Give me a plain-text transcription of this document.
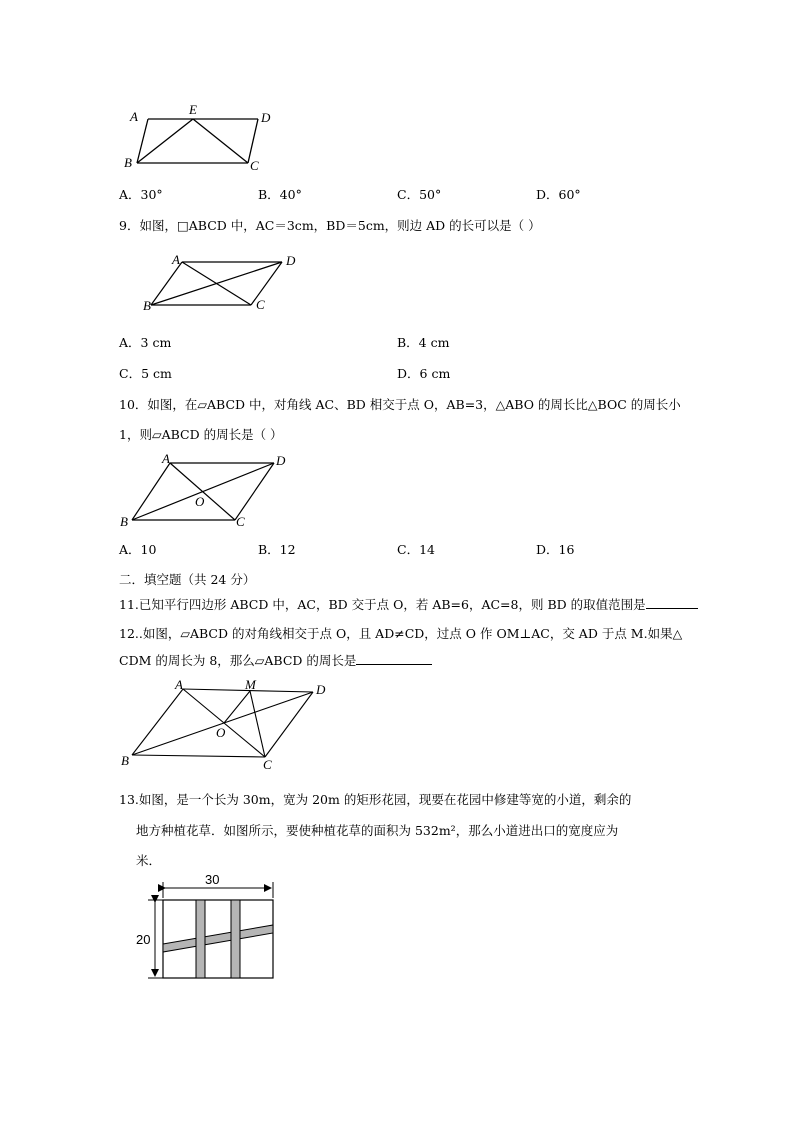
A	E
D
B	C
A．30°	B．40°	C．50°	D．60°
9．如图，□ABCD 中，AC＝3cm，BD＝5cm，则边 AD 的长可以是（ ）
A	D
B	C
A．3 cm	B．4 cm
C．5 cm	D．6 cm
10．如图，在▱ABCD 中，对角线 AC、BD 相交于点 O，AB=3，△ABO 的周长比△BOC 的周长小
1，则▱ABCD 的周长是（ ）
A	D
O
B	C
A．10	B．12	C．14	D．16
二．填空题（共 24 分）
11.已知平行四边形 ABCD 中，AC，BD 交于点 O，若 AB=6，AC=8，则 BD 的取值范围是
12..如图，▱ABCD 的对角线相交于点 O，且 AD≠CD，过点 O 作 OM⊥AC，交 AD 于点 M.如果△
CDM 的周长为 8，那么▱ABCD 的周长是
A	M	D
O
B	C
13.如图，是一个长为 30m，宽为 20m 的矩形花园，现要在花园中修建等宽的小道，剩余的
地方种植花草．如图所示，要使种植花草的面积为 532m²，那么小道进出口的宽度应为
米．
30
20
